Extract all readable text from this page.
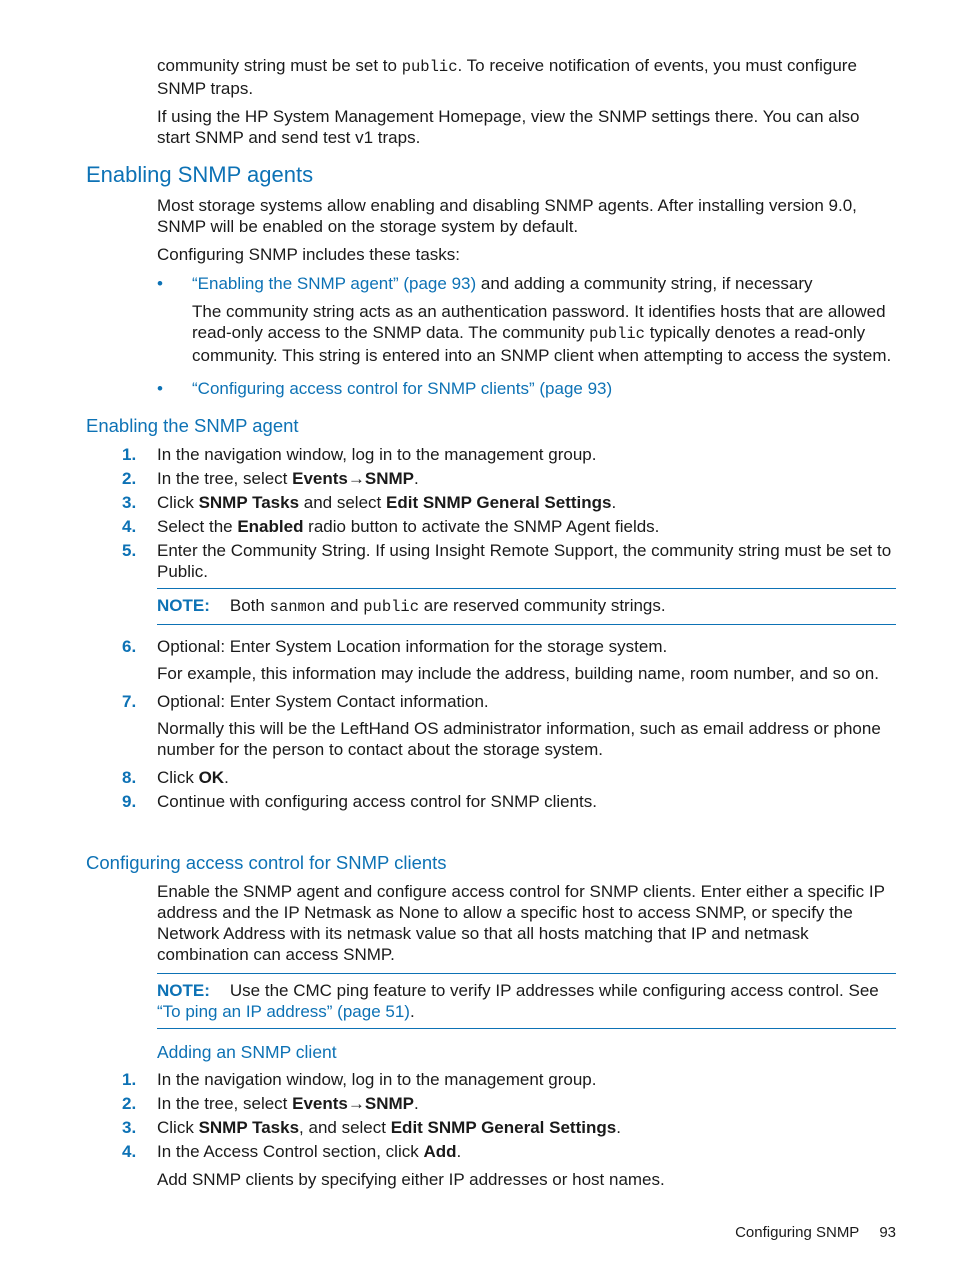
community string must be set to public. To receive notification of events, you must configure SNMP traps.

If using the HP System Management Homepage, view the SNMP settings there. You can also start SNMP and send test v1 traps.

Enabling SNMP agents

Most storage systems allow enabling and disabling SNMP agents. After installing version 9.0, SNMP will be enabled on the storage system by default.

Configuring SNMP includes these tasks:

• “Enabling the SNMP agent” (page 93) and adding a community string, if necessary

The community string acts as an authentication password. It identifies hosts that are allowed read-only access to the SNMP data. The community public typically denotes a read-only community. This string is entered into an SNMP client when attempting to access the system.

• “Configuring access control for SNMP clients” (page 93)

Enabling the SNMP agent
1. In the navigation window, log in to the management group.
2. In the tree, select Events→SNMP.
3. Click SNMP Tasks and select Edit SNMP General Settings.
4. Select the Enabled radio button to activate the SNMP Agent fields.
5. Enter the Community String. If using Insight Remote Support, the community string must be set to Public.
NOTE: Both sanmon and public are reserved community strings.
6. Optional: Enter System Location information for the storage system.

For example, this information may include the address, building name, room number, and so on.

7. Optional: Enter System Contact information.

Normally this will be the LeftHand OS administrator information, such as email address or phone number for the person to contact about the storage system.

8. Click OK.
9. Continue with configuring access control for SNMP clients.
Configuring access control for SNMP clients

Enable the SNMP agent and configure access control for SNMP clients. Enter either a specific IP address and the IP Netmask as None to allow a specific host to access SNMP, or specify the Network Address with its netmask value so that all hosts matching that IP and netmask combination can access SNMP.

NOTE: Use the CMC ping feature to verify IP addresses while configuring access control. See “To ping an IP address” (page 51).
Adding an SNMP client
1. In the navigation window, log in to the management group.
2. In the tree, select Events→SNMP.
3. Click SNMP Tasks, and select Edit SNMP General Settings.
4. In the Access Control section, click Add.

Add SNMP clients by specifying either IP addresses or host names.

Configuring SNMP 93
